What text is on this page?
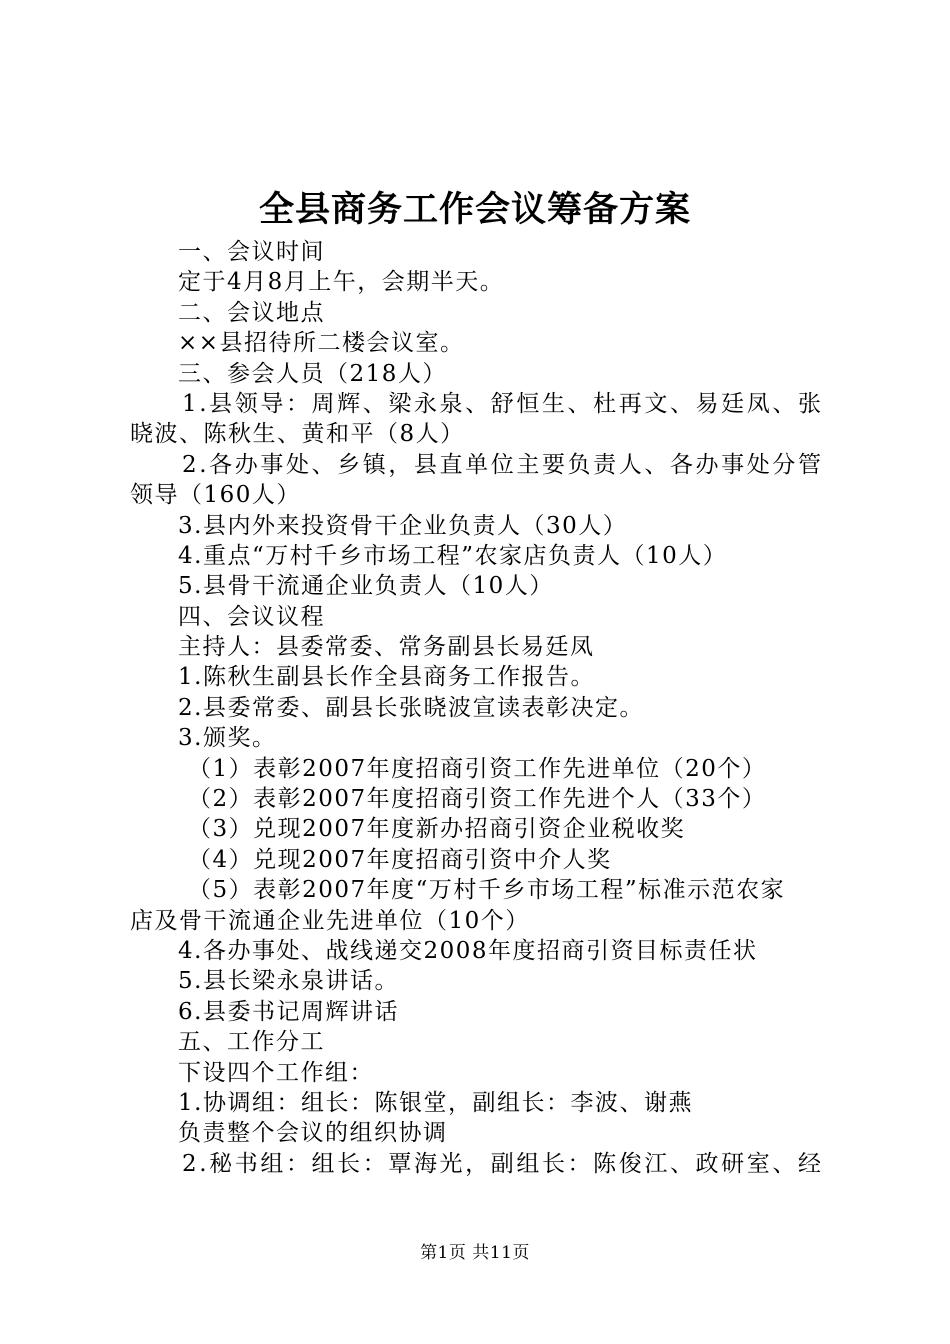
全县商务工作会议筹备方案
一、会议时间
定于4月8月上午，会期半天。
二、会议地点
××县招待所二楼会议室。
三、参会人员（218人）
1.县领导：周辉、梁永泉、舒恒生、杜再文、易廷凤、张
晓波、陈秋生、黄和平（8人）
2.各办事处、乡镇，县直单位主要负责人、各办事处分管
领导（160人）
3.县内外来投资骨干企业负责人（30人）
4.重点“万村千乡市场工程”农家店负责人（10人）
5.县骨干流通企业负责人（10人）
四、会议议程
主持人：县委常委、常务副县长易廷凤
1.陈秋生副县长作全县商务工作报告。
2.县委常委、副县长张晓波宣读表彰决定。
3.颁奖。
（1）表彰2007年度招商引资工作先进单位（20个）
（2）表彰2007年度招商引资工作先进个人（33个）
（3）兑现2007年度新办招商引资企业税收奖
（4）兑现2007年度招商引资中介人奖
（5）表彰2007年度“万村千乡市场工程”标准示范农家
店及骨干流通企业先进单位（10个）
4.各办事处、战线递交2008年度招商引资目标责任状
5.县长梁永泉讲话。
6.县委书记周辉讲话
五、工作分工
下设四个工作组：
1.协调组：组长：陈银堂，副组长：李波、谢燕
负责整个会议的组织协调
2.秘书组：组长：覃海光，副组长：陈俊江、政研室、经
第1页 共11页
